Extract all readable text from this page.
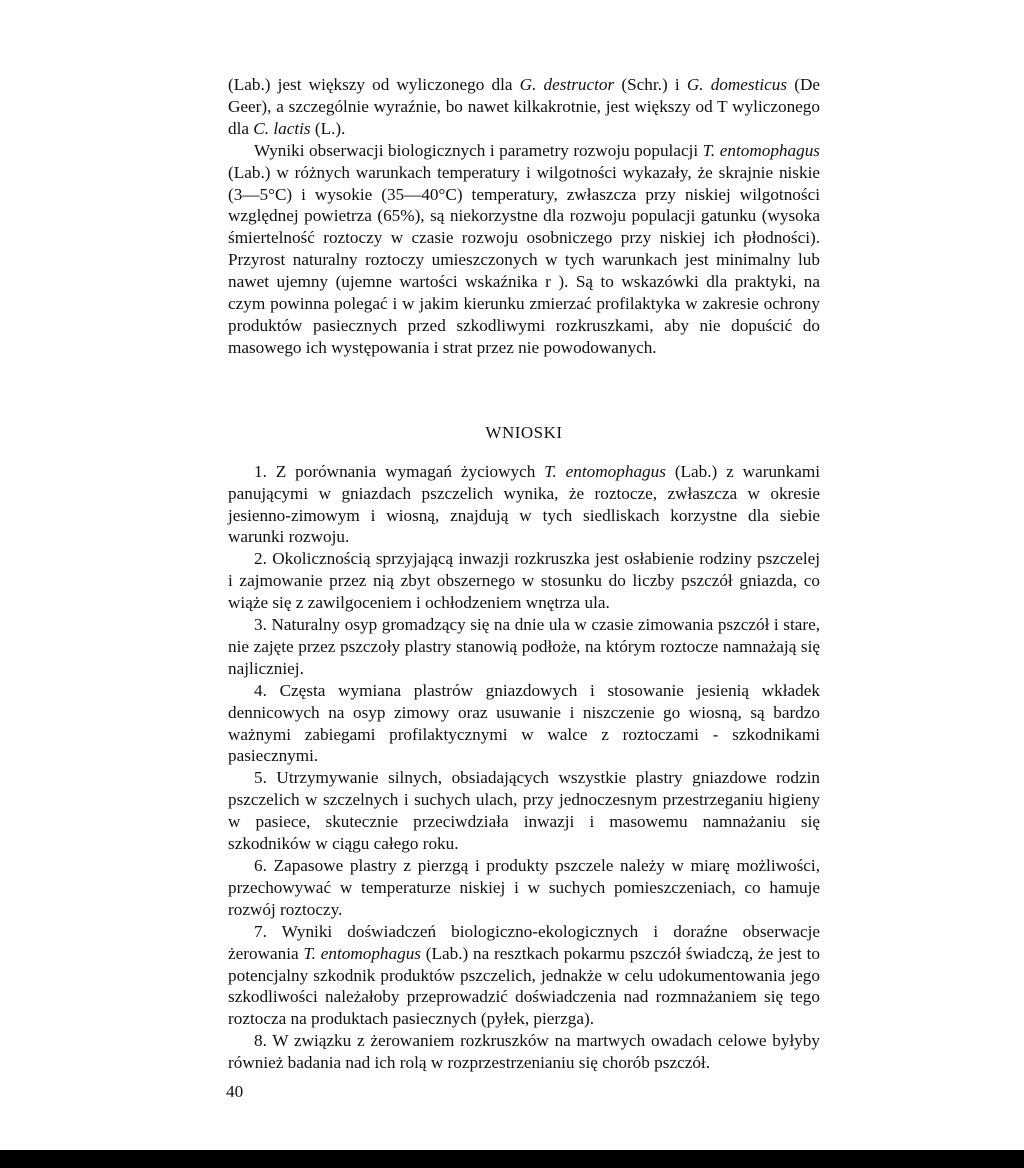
(Lab.) jest większy od wyliczonego dla G. destructor (Schr.) i G. domesticus (De Geer), a szczególnie wyraźnie, bo nawet kilkakrotnie, jest większy od T wyliczonego dla C. lactis (L.).

Wyniki obserwacji biologicznych i parametry rozwoju populacji T. entomophagus (Lab.) w różnych warunkach temperatury i wilgotności wykazały, że skrajnie niskie (3—5°C) i wysokie (35—40°C) temperatury, zwłaszcza przy niskiej wilgotności względnej powietrza (65%), są niekorzystne dla rozwoju populacji gatunku (wysoka śmiertelność roztoczy w czasie rozwoju osobniczego przy niskiej ich płodności). Przyrost naturalny roztoczy umieszczonych w tych warunkach jest minimalny lub nawet ujemny (ujemne wartości wskaźnika r ). Są to wskazówki dla praktyki, na czym powinna polegać i w jakim kierunku zmierzać profilaktyka w zakresie ochrony produktów pasiecznych przed szkodliwymi rozkruszkami, aby nie dopuścić do masowego ich występowania i strat przez nie powodowanych.

WNIOSKI

1. Z porównania wymagań życiowych T. entomophagus (Lab.) z warunkami panującymi w gniazdach pszczelich wynika, że roztocze, zwłaszcza w okresie jesienno-zimowym i wiosną, znajdują w tych siedliskach korzystne dla siebie warunki rozwoju.

2. Okolicznością sprzyjającą inwazji rozkruszka jest osłabienie rodziny pszczelej i zajmowanie przez nią zbyt obszernego w stosunku do liczby pszczół gniazda, co wiąże się z zawilgoceniem i ochłodzeniem wnętrza ula.

3. Naturalny osyp gromadzący się na dnie ula w czasie zimowania pszczół i stare, nie zajęte przez pszczoły plastry stanowią podłoże, na którym roztocze namnażają się najliczniej.

4. Częsta wymiana plastrów gniazdowych i stosowanie jesienią wkładek dennicowych na osyp zimowy oraz usuwanie i niszczenie go wiosną, są bardzo ważnymi zabiegami profilaktycznymi w walce z roztoczami - szkodnikami pasiecznymi.

5. Utrzymywanie silnych, obsiadających wszystkie plastry gniazdowe rodzin pszczelich w szczelnych i suchych ulach, przy jednoczesnym przestrzeganiu higieny w pasiece, skutecznie przeciwdziała inwazji i masowemu namnażaniu się szkodników w ciągu całego roku.

6. Zapasowe plastry z pierzgą i produkty pszczele należy w miarę możliwości, przechowywać w temperaturze niskiej i w suchych pomieszczeniach, co hamuje rozwój roztoczy.

7. Wyniki doświadczeń biologiczno-ekologicznych i doraźne obserwacje żerowania T. entomophagus (Lab.) na resztkach pokarmu pszczół świadczą, że jest to potencjalny szkodnik produktów pszczelich, jednakże w celu udokumentowania jego szkodliwości należałoby przeprowadzić doświadczenia nad rozmnażaniem się tego roztocza na produktach pasiecznych (pyłek, pierzga).

8. W związku z żerowaniem rozkruszków na martwych owadach celowe byłyby również badania nad ich rolą w rozprzestrzenianiu się chorób pszczół.

40
